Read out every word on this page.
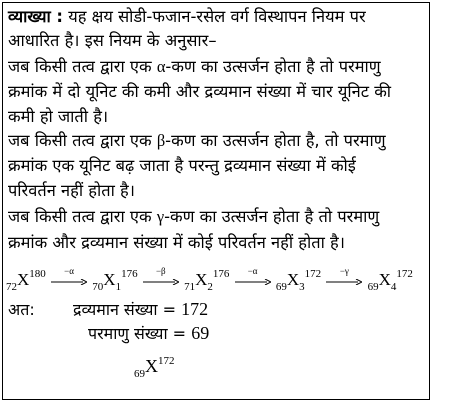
व्याख्या : यह क्षय सोडी-फजान-रसेल वर्ग विस्थापन नियम पर
आधारित है। इस नियम के अनुसार–
जब किसी तत्व द्वारा एक α-कण का उत्सर्जन होता है तो परमाणु
क्रमांक में दो यूनिट की कमी और द्रव्यमान संख्या में चार यूनिट की
कमी हो जाती है।
जब किसी तत्व द्वारा एक β-कण का उत्सर्जन होता है, तो परमाणु
क्रमांक एक यूनिट बढ़ जाता है परन्तु द्रव्यमान संख्या में कोई
परिवर्तन नहीं होता है।
जब किसी तत्व द्वारा एक γ-कण का उत्सर्जन होता है तो परमाणु
क्रमांक और द्रव्यमान संख्या में कोई परिवर्तन नहीं होता है।
$_{72}X^{180}$	−α
$_{70}X_1^{176}$	−β
$_{71}X_2^{176}$	−α
$_{69}X_3^{172}$	−γ
$_{69}X_4^{172}$
अत: द्रव्यमान संख्या = 172
परमाणु संख्या = 69
$_{69}X^{172}$
